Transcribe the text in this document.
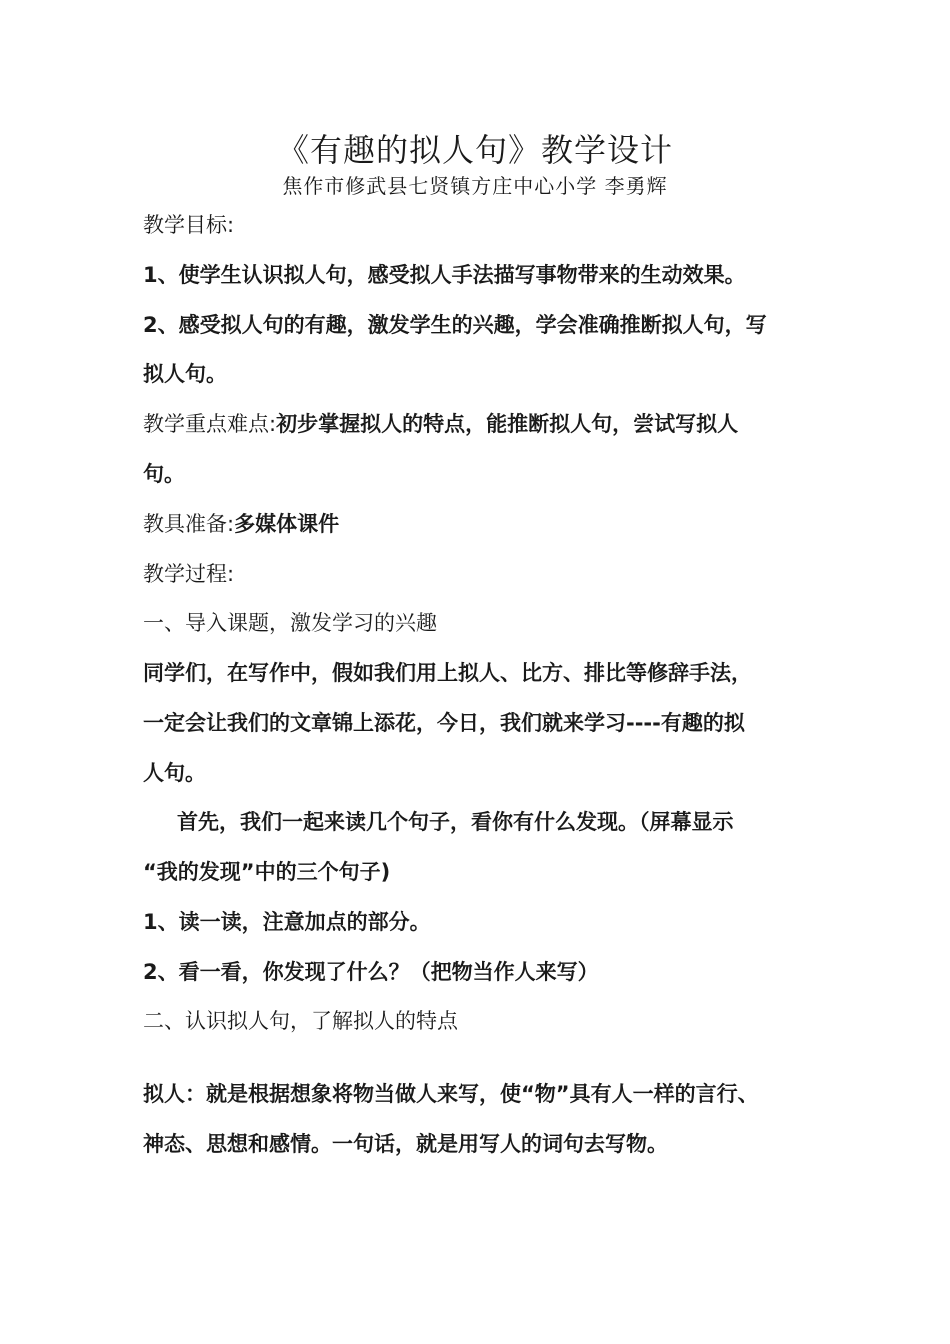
《有趣的拟人句》教学设计
焦作市修武县七贤镇方庄中心小学 李勇辉
教学目标:
1、使学生认识拟人句，感受拟人手法描写事物带来的生动效果。
2、感受拟人句的有趣，激发学生的兴趣，学会准确推断拟人句，写
拟人句。
教学重点难点:初步掌握拟人的特点，能推断拟人句，尝试写拟人
句。
教具准备:多媒体课件
教学过程:
一、导入课题，激发学习的兴趣
同学们，在写作中，假如我们用上拟人、比方、排比等修辞手法，
一定会让我们的文章锦上添花，今日，我们就来学习----有趣的拟
人句。
首先，我们一起来读几个句子，看你有什么发现。（屏幕显示
“我的发现”中的三个句子)
1、读一读，注意加点的部分。
2、看一看，你发现了什么？（把物当作人来写）
二、认识拟人句，了解拟人的特点
拟人：就是根据想象将物当做人来写，使“物”具有人一样的言行、
神态、思想和感情。一句话，就是用写人的词句去写物。
